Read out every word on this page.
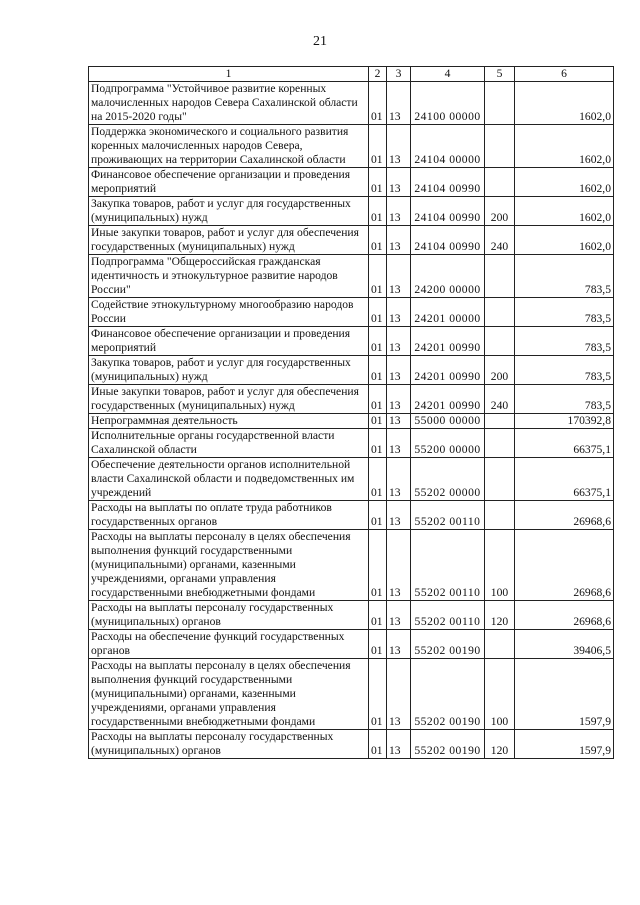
21
1	2	3	4	5	6
Подпрограмма "Устойчивое развитие коренных малочисленных народов Севера Сахалинской области на 2015-2020 годы"	01	13	24100 00000		1602,0
Поддержка экономического и социального развития коренных малочисленных народов Севера, проживающих на территории Сахалинской области	01	13	24104 00000		1602,0
Финансовое обеспечение организации и проведения мероприятий	01	13	24104 00990		1602,0
Закупка товаров, работ и услуг для государственных (муниципальных) нужд	01	13	24104 00990	200	1602,0
Иные закупки товаров, работ и услуг для обеспечения государственных (муниципальных) нужд	01	13	24104 00990	240	1602,0
Подпрограмма "Общероссийская гражданская идентичность и этнокультурное развитие народов России"	01	13	24200 00000		783,5
Содействие этнокультурному многообразию народов России	01	13	24201 00000		783,5
Финансовое обеспечение организации и проведения мероприятий	01	13	24201 00990		783,5
Закупка товаров, работ и услуг для государственных (муниципальных) нужд	01	13	24201 00990	200	783,5
Иные закупки товаров, работ и услуг для обеспечения государственных (муниципальных) нужд	01	13	24201 00990	240	783,5
Непрограммная деятельность	01	13	55000 00000		170392,8
Исполнительные органы государственной власти Сахалинской области	01	13	55200 00000		66375,1
Обеспечение деятельности органов исполнительной власти Сахалинской области и подведомственных им учреждений	01	13	55202 00000		66375,1
Расходы на выплаты по оплате труда работников государственных органов	01	13	55202 00110		26968,6
Расходы на выплаты персоналу в целях обеспечения выполнения функций государственными (муниципальными) органами, казенными учреждениями, органами управления государственными внебюджетными фондами	01	13	55202 00110	100	26968,6
Расходы на выплаты персоналу государственных (муниципальных) органов	01	13	55202 00110	120	26968,6
Расходы на обеспечение функций государственных органов	01	13	55202 00190		39406,5
Расходы на выплаты персоналу в целях обеспечения выполнения функций государственными (муниципальными) органами, казенными учреждениями, органами управления государственными внебюджетными фондами	01	13	55202 00190	100	1597,9
Расходы на выплаты персоналу государственных (муниципальных) органов	01	13	55202 00190	120	1597,9
